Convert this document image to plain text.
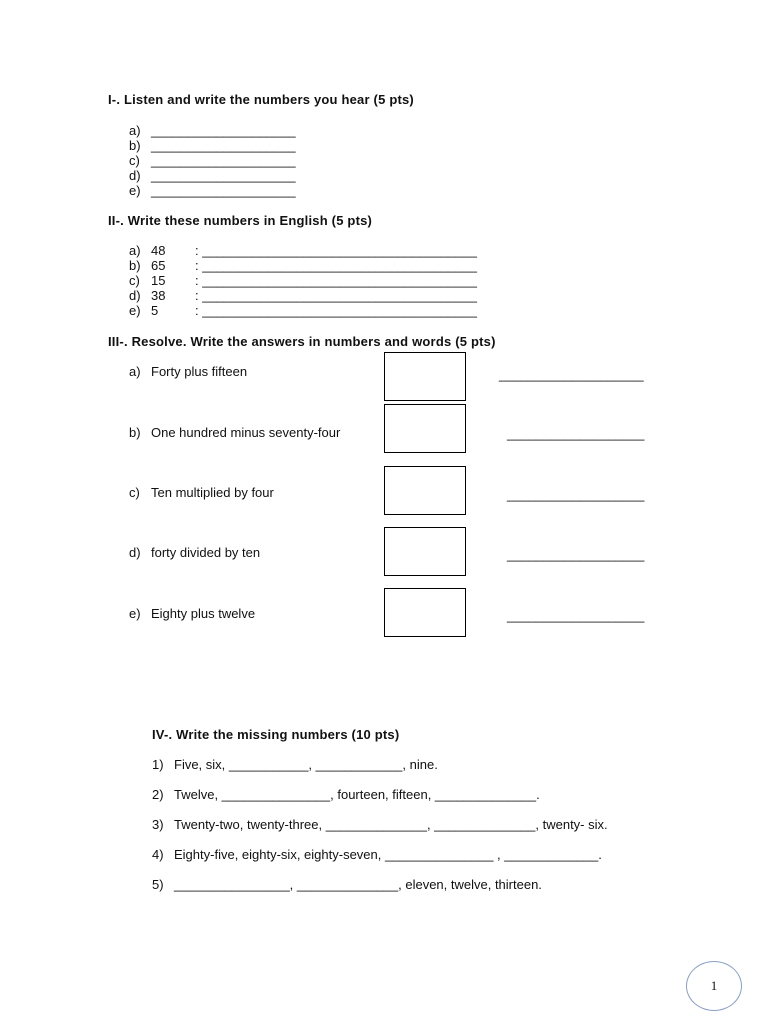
I-. Listen and write the numbers you hear (5 pts)
a) ____________________
b) ____________________
c) ____________________
d) ____________________
e) ____________________
II-. Write these numbers in English (5 pts)
a) 48 : ______________________________________
b) 65 : ______________________________________
c) 15 : ______________________________________
d) 38 : ______________________________________
e) 5	: ______________________________________
III-. Resolve. Write the answers in numbers and words (5 pts)
a) Forty plus fifteen	____________________
b) One hundred minus seventy-four	___________________
c) Ten multiplied by four	___________________
d) forty divided by ten	___________________
e) Eighty plus twelve	___________________
IV-. Write the missing numbers (10 pts)
1) Five, six, ___________, ____________, nine.
2) Twelve, _______________, fourteen, fifteen, ______________.
3) Twenty-two, twenty-three, ______________, ______________, twenty- six.
4) Eighty-five, eighty-six, eighty-seven, _______________ , _____________.
5) ________________, ______________, eleven, twelve, thirteen.
1
